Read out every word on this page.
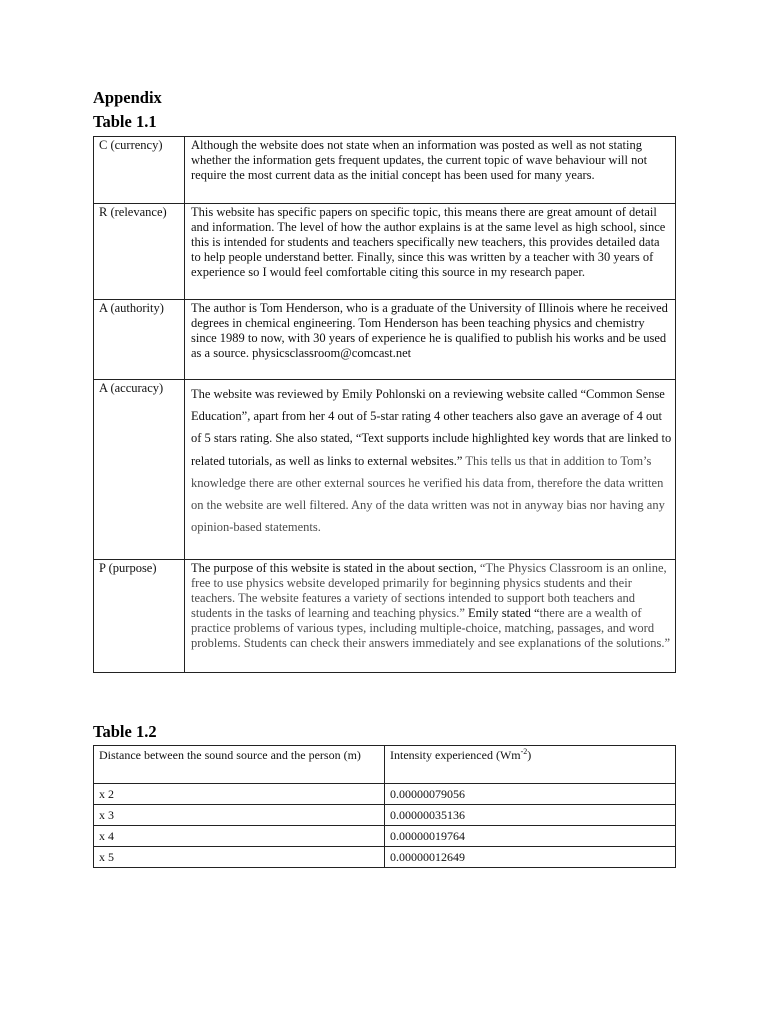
Appendix
Table 1.1
C (currency)	Although the website does not state when an information was posted as well as not stating whether the information gets frequent updates, the current topic of wave behaviour will not require the most current data as the initial concept has been used for many years.
R (relevance)	This website has specific papers on specific topic, this means there are great amount of detail and information. The level of how the author explains is at the same level as high school, since this is intended for students and teachers specifically new teachers, this provides detailed data to help people understand better. Finally, since this was written by a teacher with 30 years of experience so I would feel comfortable citing this source in my research paper.
A (authority)	The author is Tom Henderson, who is a graduate of the University of Illinois where he received degrees in chemical engineering. Tom Henderson has been teaching physics and chemistry since 1989 to now, with 30 years of experience he is qualified to publish his works and be used as a source. physicsclassroom@comcast.net
A (accuracy)	The website was reviewed by Emily Pohlonski on a reviewing website called “Common Sense Education”, apart from her 4 out of 5-star rating 4 other teachers also gave an average of 4 out of 5 stars rating. She also stated, “Text supports include highlighted key words that are linked to related tutorials, as well as links to external websites.” This tells us that in addition to Tom’s knowledge there are other external sources he verified his data from, therefore the data written on the website are well filtered. Any of the data written was not in anyway bias nor having any opinion-based statements.
P (purpose)	The purpose of this website is stated in the about section, “The Physics Classroom is an online, free to use physics website developed primarily for beginning physics students and their teachers. The website features a variety of sections intended to support both teachers and students in the tasks of learning and teaching physics.” Emily stated “there are a wealth of practice problems of various types, including multiple-choice, matching, passages, and word problems. Students can check their answers immediately and see explanations of the solutions.”
Table 1.2
Distance between the sound source and the person (m)	Intensity experienced $(Wm^{-2})$
x 2	0.00000079056
x 3	0.00000035136
x 4	0.00000019764
x 5	0.00000012649
